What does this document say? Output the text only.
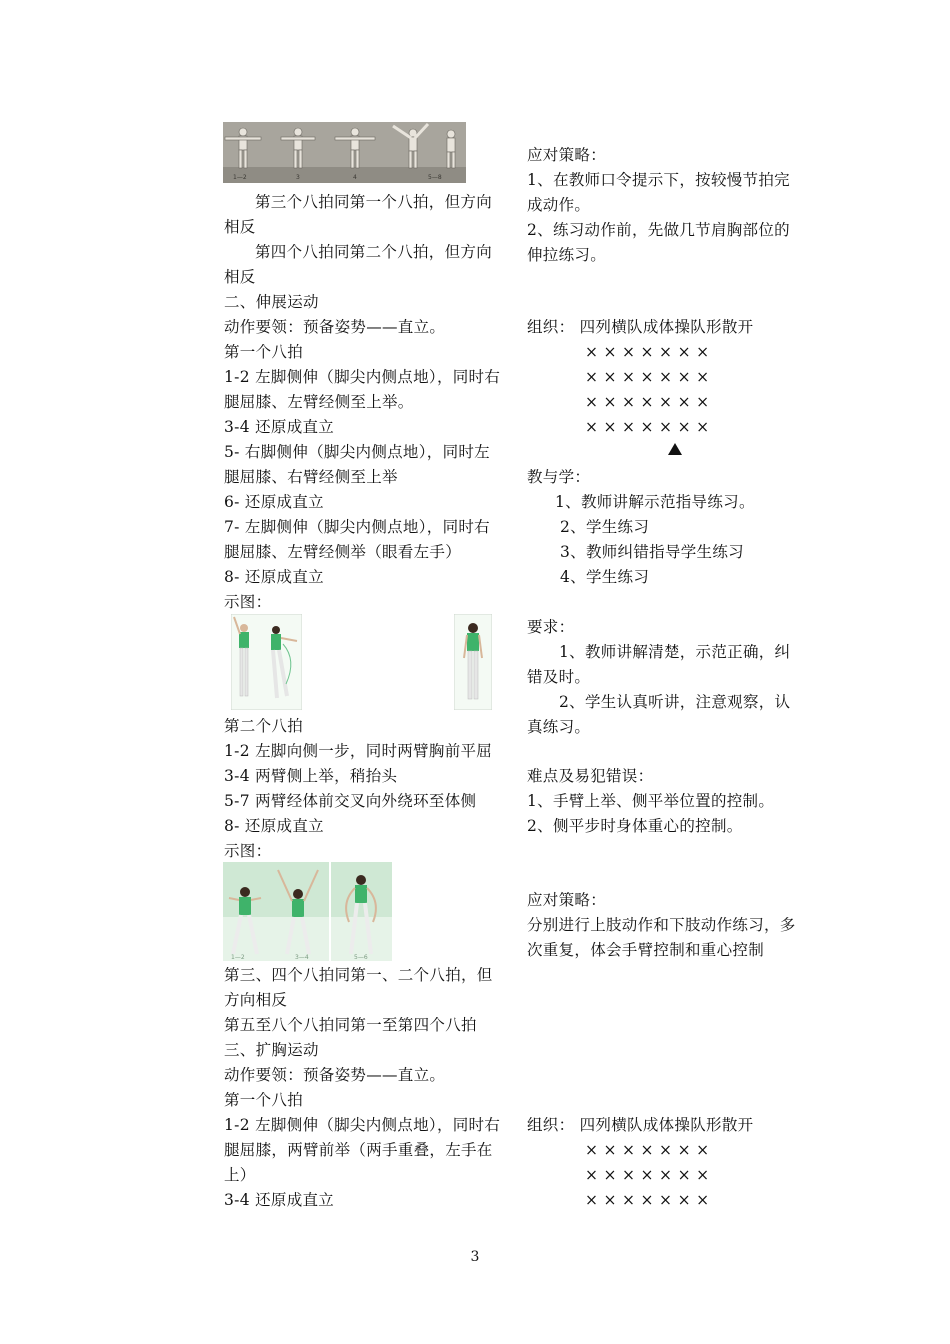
1—2	3	4	5—8
1—2	3—4	5—6
第三个八拍同第一个八拍，但方向
相反
第四个八拍同第二个八拍，但方向
相反
二、伸展运动
动作要领：预备姿势——直立。
第一个八拍
1-2 左脚侧伸（脚尖内侧点地），同时右
腿屈膝、左臂经侧至上举。
3-4 还原成直立
5- 右脚侧伸（脚尖内侧点地），同时左
腿屈膝、右臂经侧至上举
6- 还原成直立
7- 左脚侧伸（脚尖内侧点地），同时右
腿屈膝、左臂经侧举（眼看左手）
8- 还原成直立
示图：
第二个八拍
1-2 左脚向侧一步，同时两臂胸前平屈
3-4 两臂侧上举，稍抬头
5-7 两臂经体前交叉向外绕环至体侧
8- 还原成直立
示图：
第三、四个八拍同第一、二个八拍，但
方向相反
第五至八个八拍同第一至第四个八拍
三、扩胸运动
动作要领：预备姿势——直立。
第一个八拍
1-2 左脚侧伸（脚尖内侧点地），同时右
腿屈膝，两臂前举（两手重叠，左手在
上）
3-4 还原成直立
应对策略：
1、在教师口令提示下，按较慢节拍完
成动作。
2、练习动作前，先做几节肩胸部位的
伸拉练习。
组织： 四列横队成体操队形散开
× × × × × × ×
× × × × × × ×
× × × × × × ×
× × × × × × ×
教与学：
1、教师讲解示范指导练习。
2、学生练习
3、教师纠错指导学生练习
4、学生练习
要求：
1、教师讲解清楚，示范正确，纠
错及时。
2、学生认真听讲，注意观察，认
真练习。
难点及易犯错误：
1、手臂上举、侧平举位置的控制。
2、侧平步时身体重心的控制。
应对策略：
分别进行上肢动作和下肢动作练习，多
次重复，体会手臂控制和重心控制
组织： 四列横队成体操队形散开
× × × × × × ×
× × × × × × ×
× × × × × × ×
3
